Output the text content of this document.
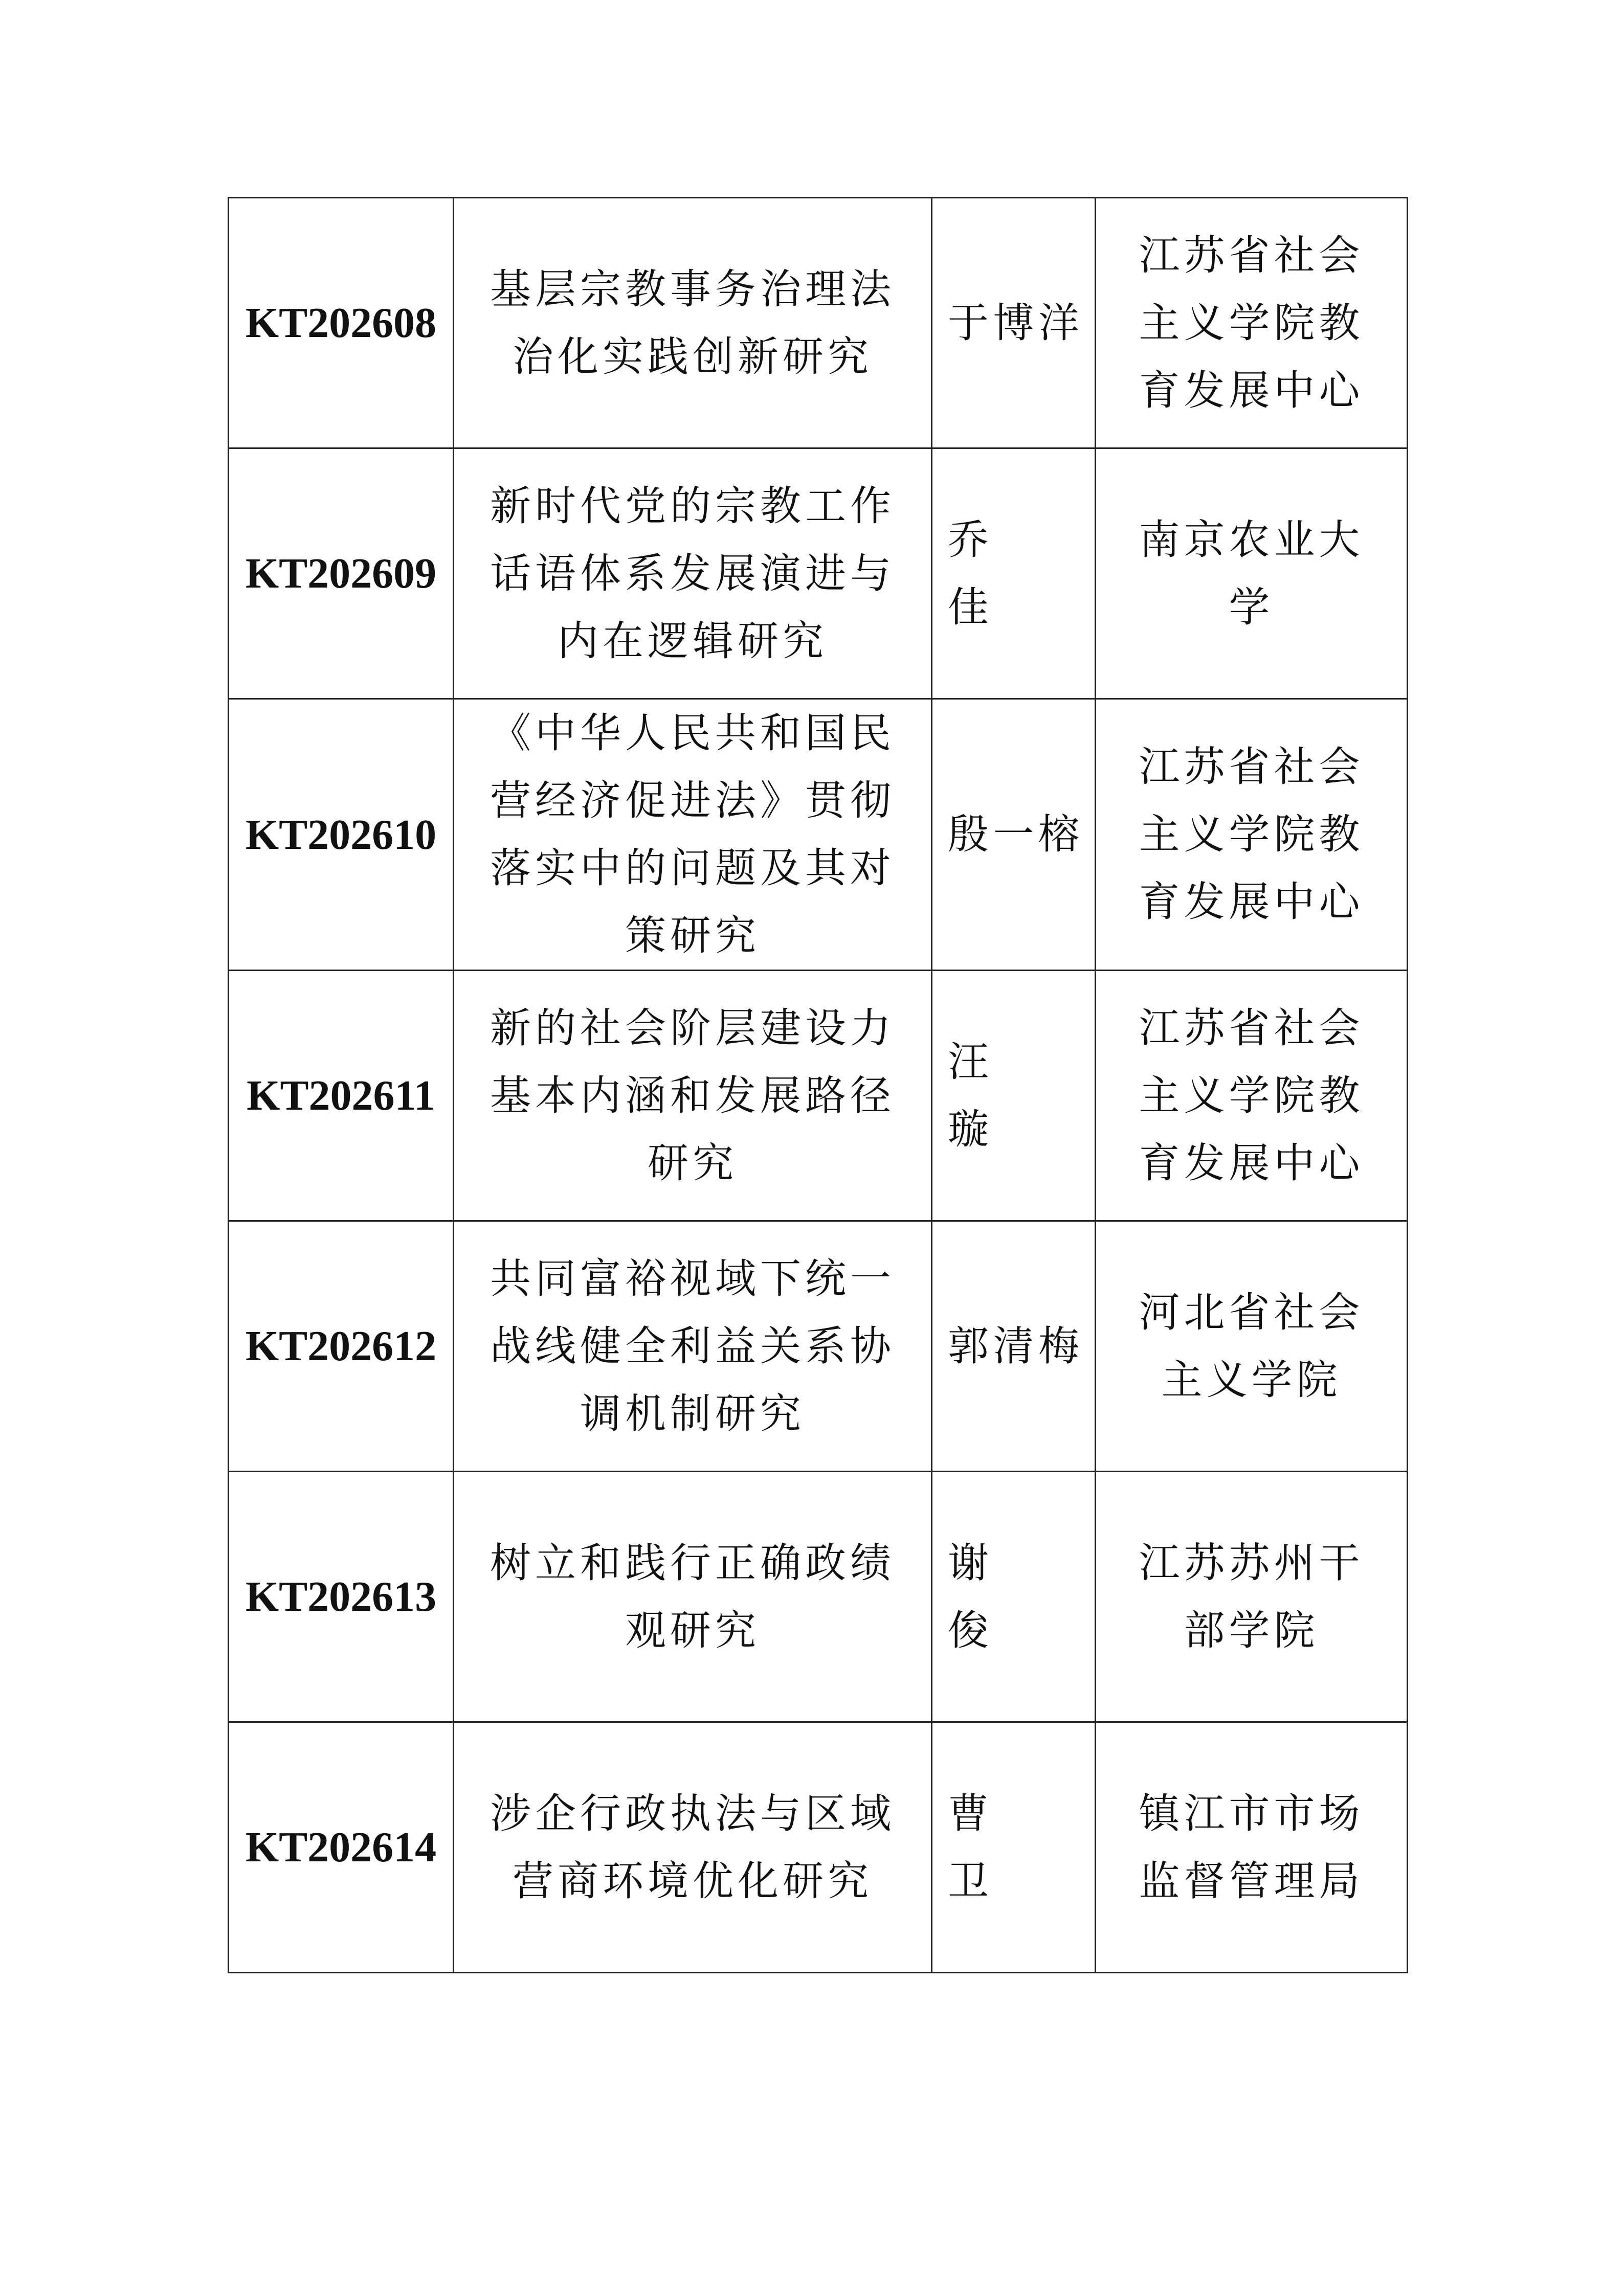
KT202608	基层宗教事务治理法治化实践创新研究	于博洋	江苏省社会主义学院教育发展中心
KT202609	新时代党的宗教工作话语体系发展演进与内在逻辑研究	乔　佳	南京农业大学
KT202610	《中华人民共和国民营经济促进法》贯彻落实中的问题及其对策研究	殷一榕	江苏省社会主义学院教育发展中心
KT202611	新的社会阶层建设力基本内涵和发展路径研究	汪　璇	江苏省社会主义学院教育发展中心
KT202612	共同富裕视域下统一战线健全利益关系协调机制研究	郭清梅	河北省社会主义学院
KT202613	树立和践行正确政绩观研究	谢　俊	江苏苏州干部学院
KT202614	涉企行政执法与区域营商环境优化研究	曹　卫	镇江市市场监督管理局
